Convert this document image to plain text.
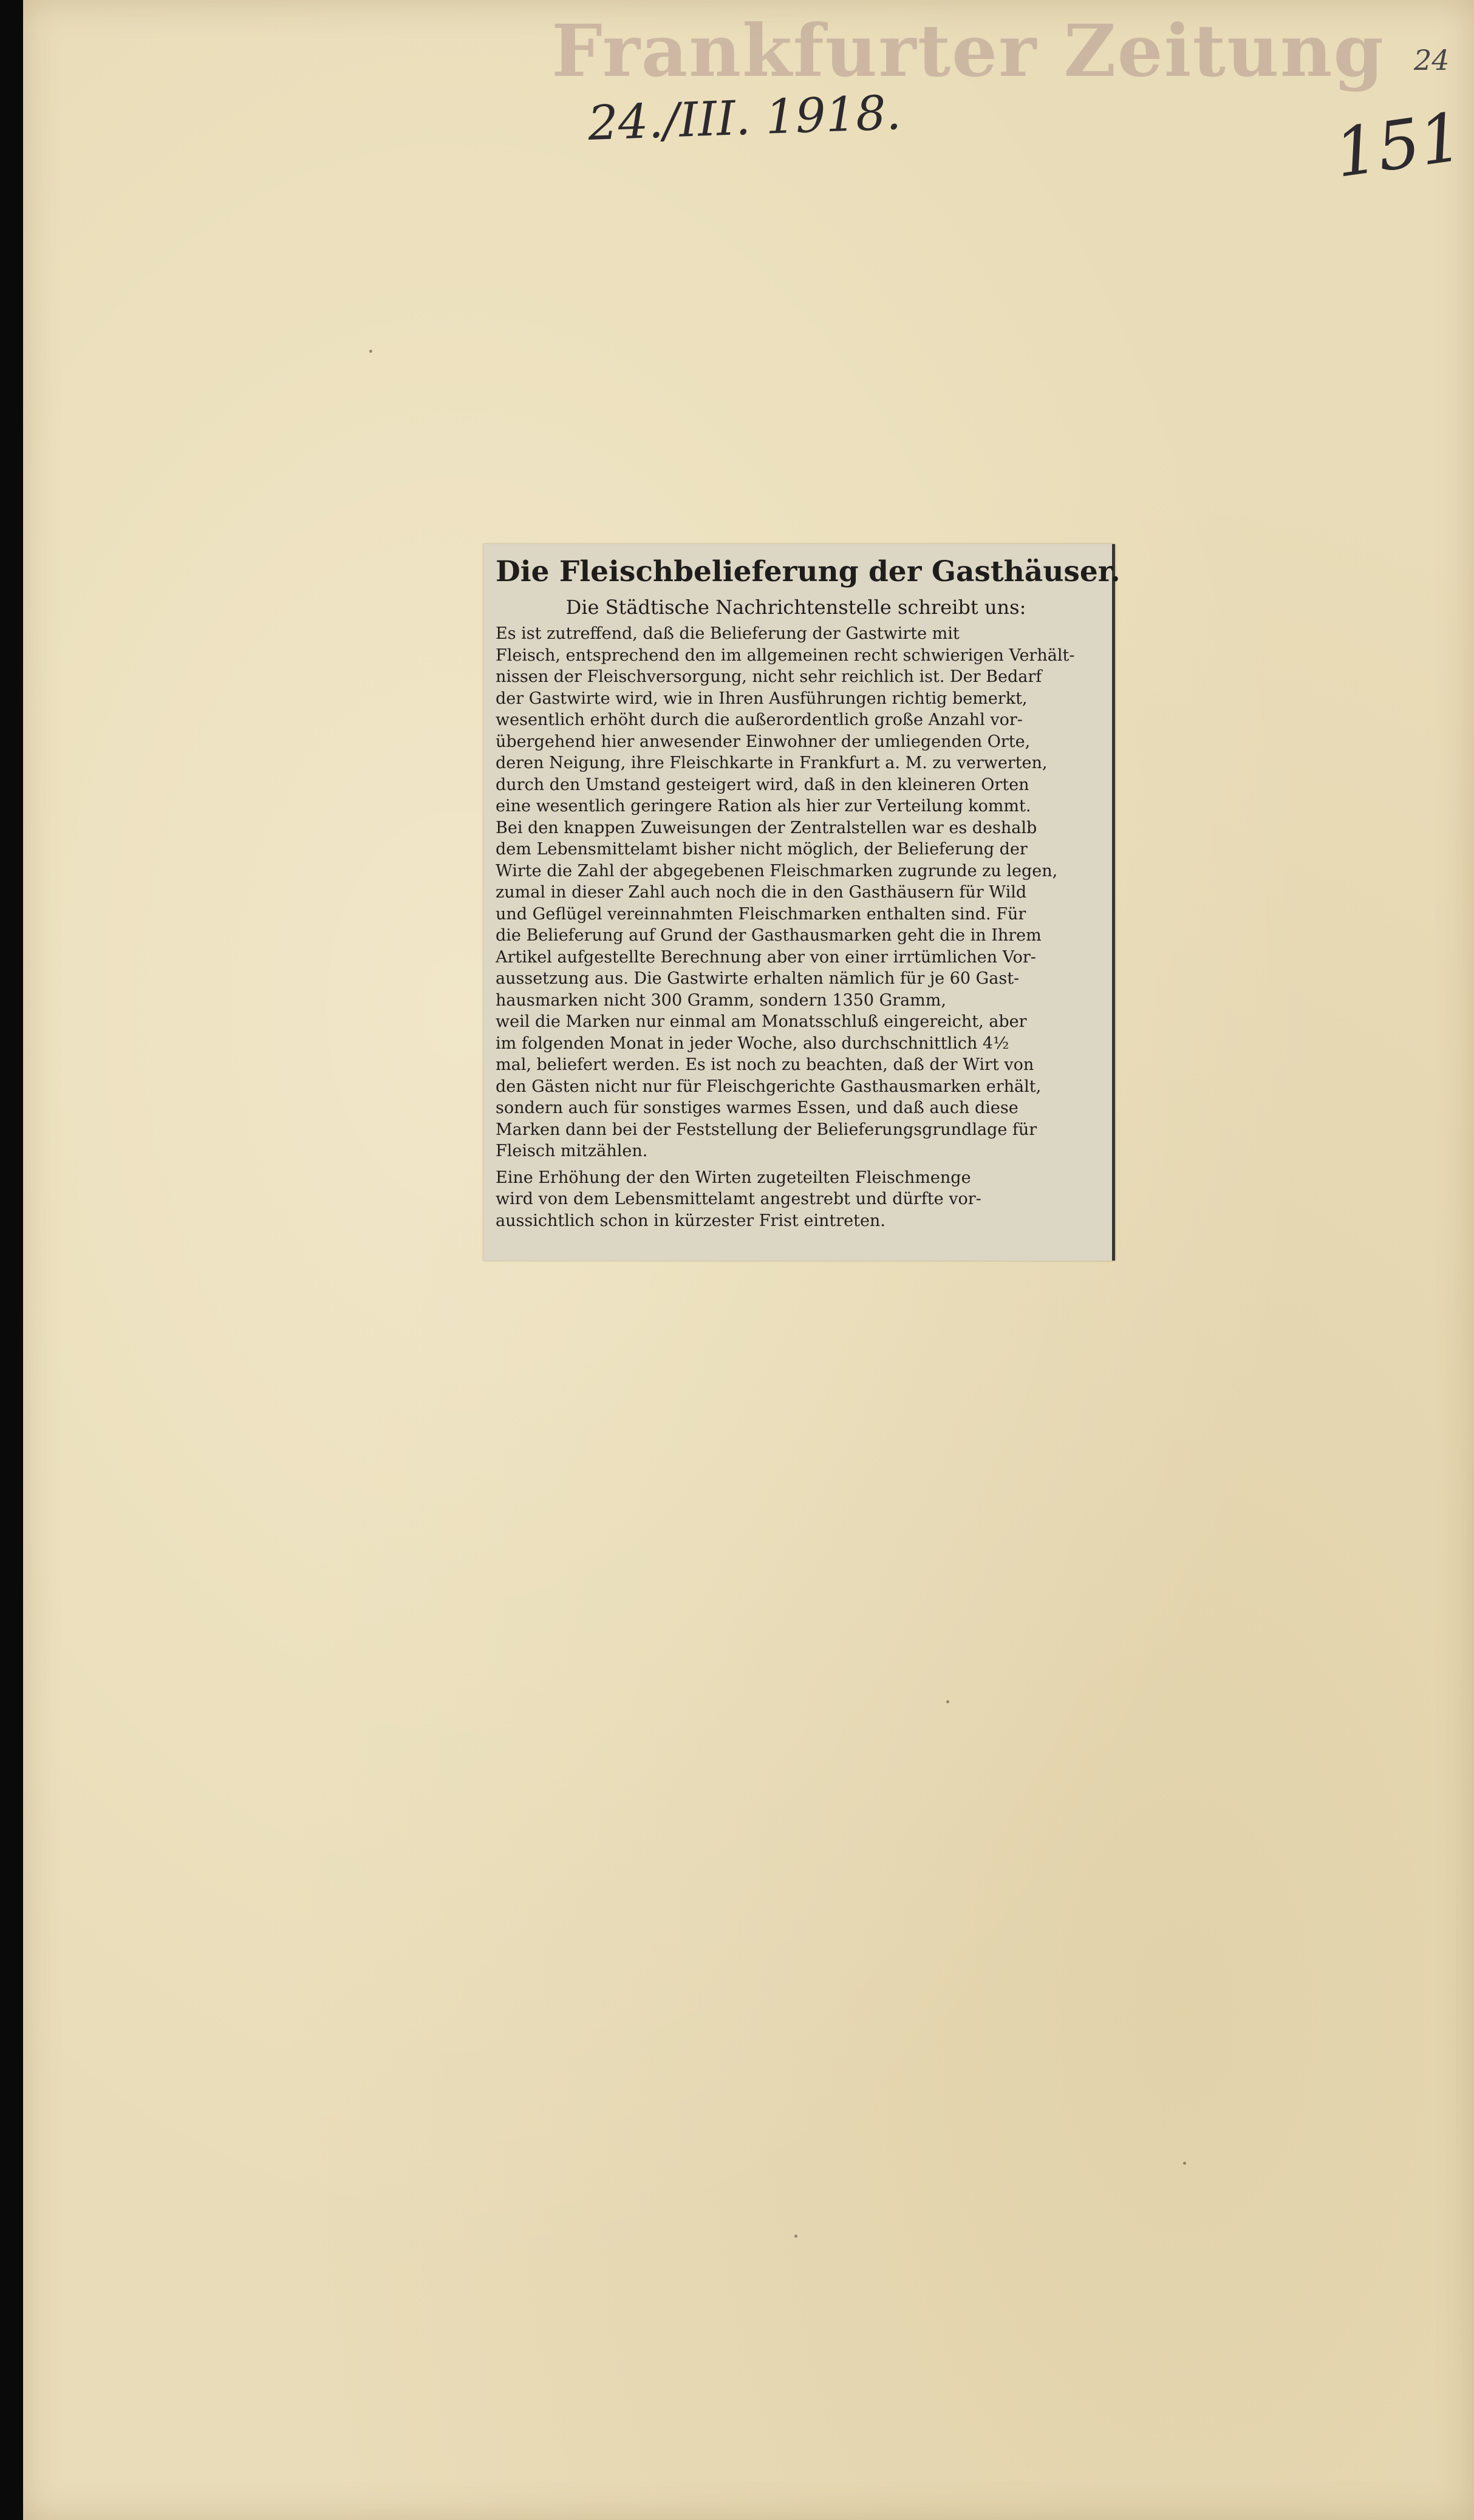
Frankfurter Zeitung
24./III. 1918.
24
151
Die Fleischbelieferung der Gasthäuser.
Die Städtische Nachrichtenstelle schreibt uns:
Es ist zutreffend, daß die Belieferung der Gastwirte mit
Fleisch, entsprechend den im allgemeinen recht schwierigen Verhält-
nissen der Fleischversorgung, nicht sehr reichlich ist. Der Bedarf
der Gastwirte wird, wie in Ihren Ausführungen richtig bemerkt,
wesentlich erhöht durch die außerordentlich große Anzahl vor-
übergehend hier anwesender Einwohner der umliegenden Orte,
deren Neigung, ihre Fleischkarte in Frankfurt a. M. zu verwerten,
durch den Umstand gesteigert wird, daß in den kleineren Orten
eine wesentlich geringere Ration als hier zur Verteilung kommt.
Bei den knappen Zuweisungen der Zentralstellen war es deshalb
dem Lebensmittelamt bisher nicht möglich, der Belieferung der
Wirte die Zahl der abgegebenen Fleischmarken zugrunde zu legen,
zumal in dieser Zahl auch noch die in den Gasthäusern für Wild
und Geflügel vereinnahmten Fleischmarken enthalten sind. Für
die Belieferung auf Grund der Gasthausmarken geht die in Ihrem
Artikel aufgestellte Berechnung aber von einer irrtümlichen Vor-
aussetzung aus. Die Gastwirte erhalten nämlich für je 60 Gast-
hausmarken nicht 300 Gramm, sondern 1350 Gramm,
weil die Marken nur einmal am Monatsschluß eingereicht, aber
im folgenden Monat in jeder Woche, also durchschnittlich 4½
mal, beliefert werden. Es ist noch zu beachten, daß der Wirt von
den Gästen nicht nur für Fleischgerichte Gasthausmarken erhält,
sondern auch für sonstiges warmes Essen, und daß auch diese
Marken dann bei der Feststellung der Belieferungsgrundlage für
Fleisch mitzählen.
Eine Erhöhung der den Wirten zugeteilten Fleischmenge
wird von dem Lebensmittelamt angestrebt und dürfte vor-
aussichtlich schon in kürzester Frist eintreten.
